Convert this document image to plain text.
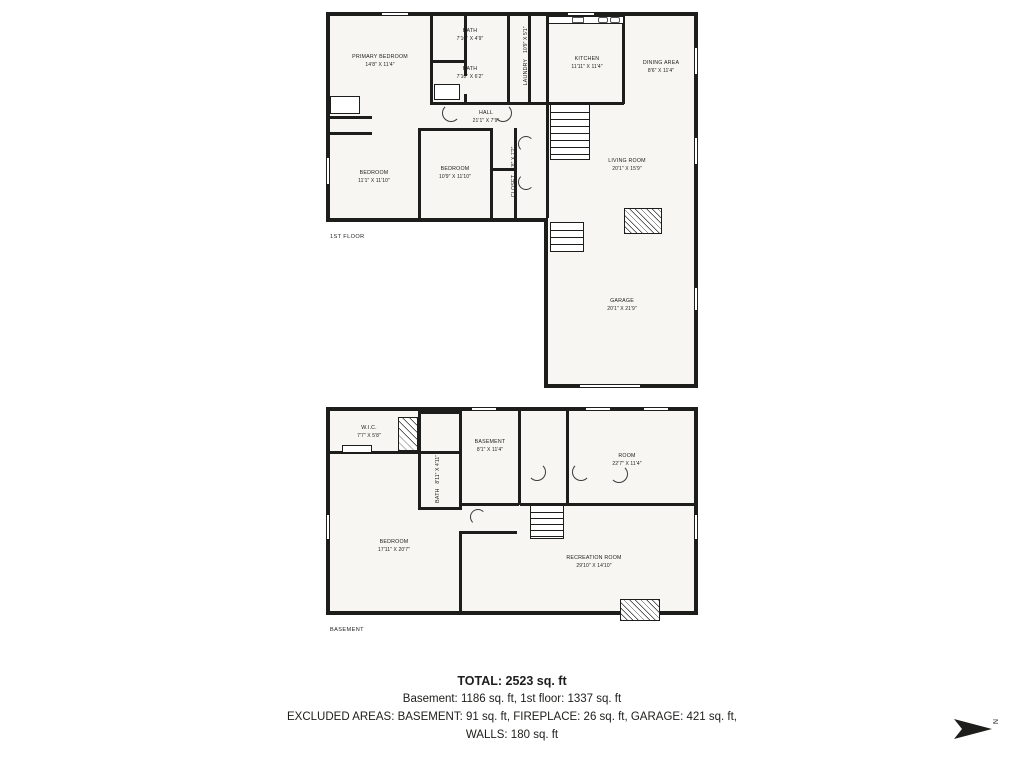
PRIMARY BEDROOM
14'8" X 11'4"
BATH
7'10" X 4'9"
BATH
7'10" X 6'2"	LAUNDRY 10'9" X 5'1"
KITCHEN
11'11" X 11'4"
DINING AREA
8'6" X 11'4"
HALL
21'1" X 7'9"
BEDROOM
11'1" X 11'10"
BEDROOM
10'9" X 11'10"	CLOSET 4'8" X 7'2"	LIVING ROOM
20'1" X 15'9"
GARAGE
20'1" X 21'9"
1ST FLOOR
W.I.C.
7'7" X 5'8"
BATH 8'11" X 4'11"
BASEMENT
8'1" X 11'4"
ROOM
22'7" X 11'4"
BEDROOM
17'11" X 20'7"
RECREATION ROOM
29'10" X 14'10"
BASEMENT
TOTAL: 2523 sq. ft
Basement: 1186 sq. ft, 1st floor: 1337 sq. ft
EXCLUDED AREAS: BASEMENT: 91 sq. ft, FIREPLACE: 26 sq. ft, GARAGE: 421 sq. ft,
WALLS: 180 sq. ft
N
